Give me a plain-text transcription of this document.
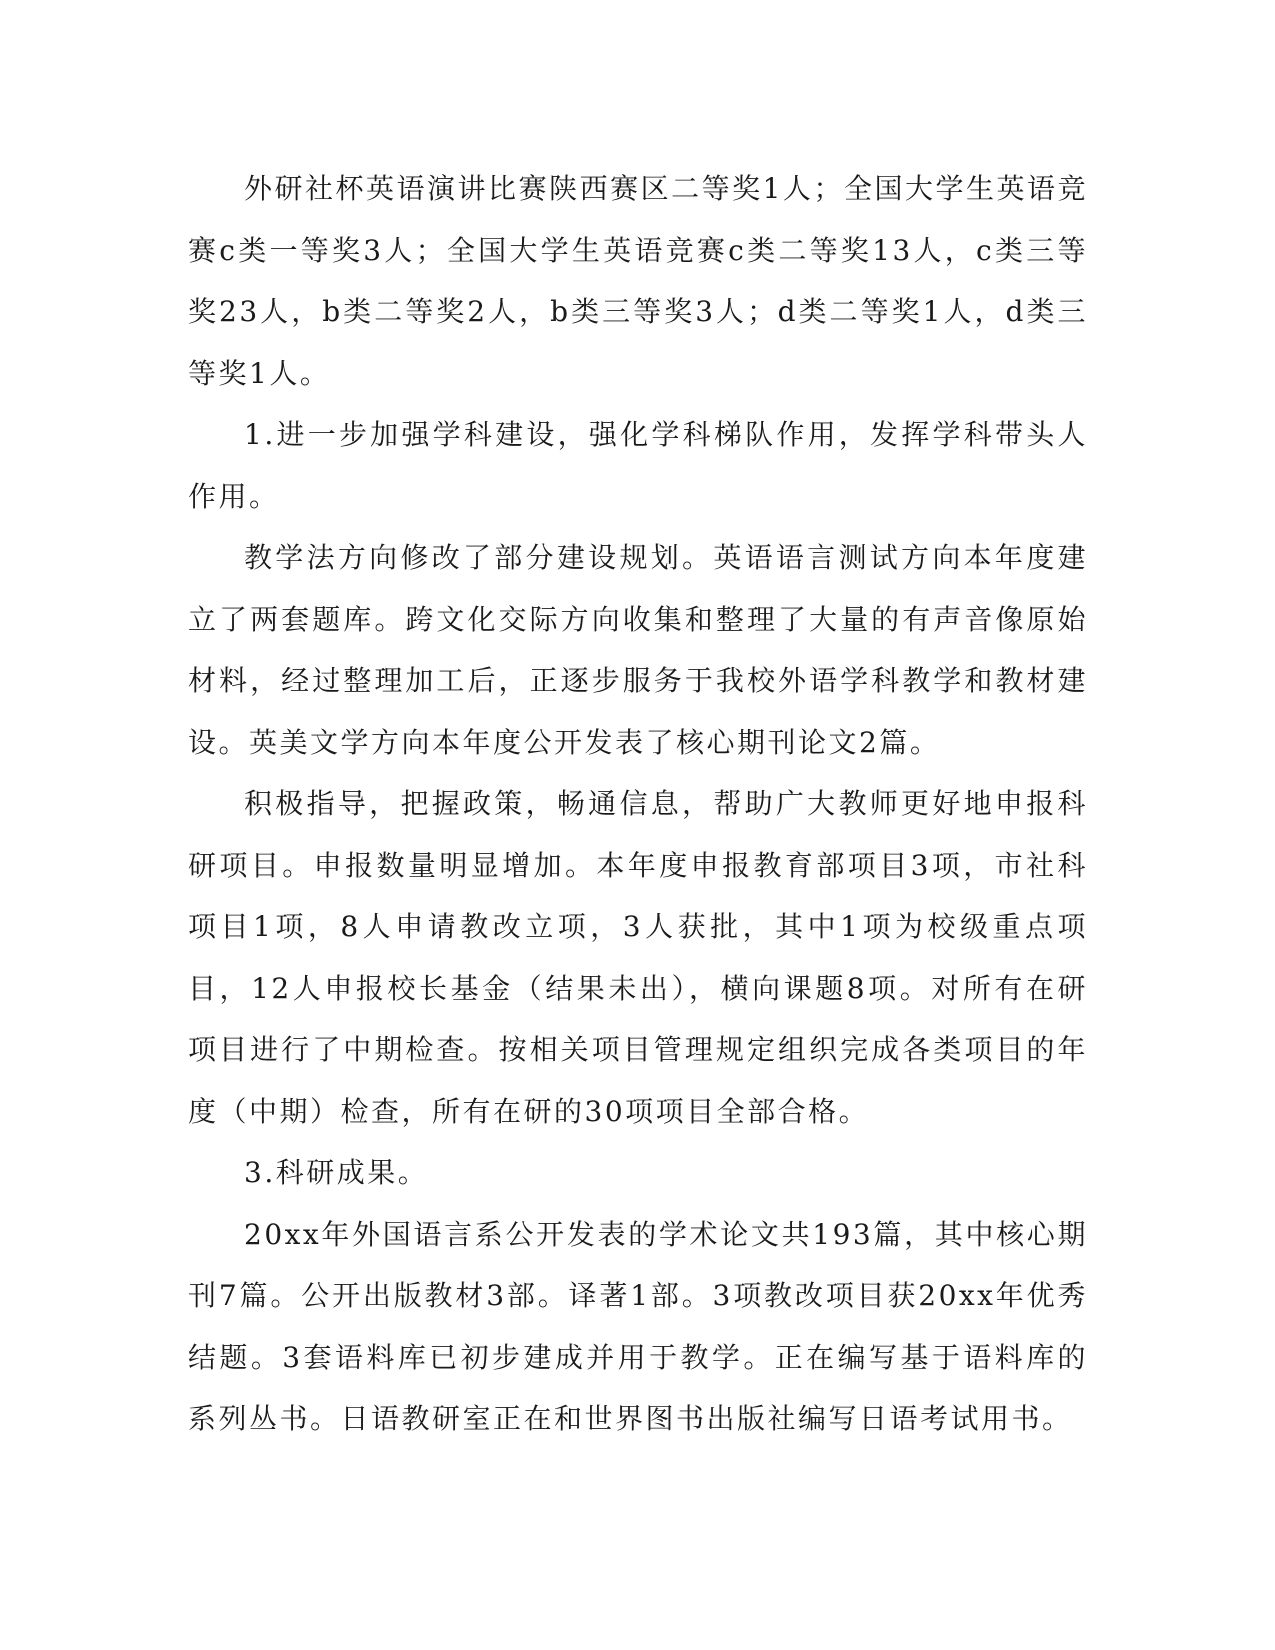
外研社杯英语演讲比赛陕西赛区二等奖1人；全国大学生英语竞赛c类一等奖3人；全国大学生英语竞赛c类二等奖13人，c类三等奖23人，b类二等奖2人，b类三等奖3人；d类二等奖1人，d类三等奖1人。

1.进一步加强学科建设，强化学科梯队作用，发挥学科带头人作用。

教学法方向修改了部分建设规划。英语语言测试方向本年度建立了两套题库。跨文化交际方向收集和整理了大量的有声音像原始材料，经过整理加工后，正逐步服务于我校外语学科教学和教材建设。英美文学方向本年度公开发表了核心期刊论文2篇。

积极指导，把握政策，畅通信息，帮助广大教师更好地申报科研项目。申报数量明显增加。本年度申报教育部项目3项，市社科项目1项，8人申请教改立项，3人获批，其中1项为校级重点项目，12人申报校长基金（结果未出），横向课题8项。对所有在研项目进行了中期检查。按相关项目管理规定组织完成各类项目的年度（中期）检查，所有在研的30项项目全部合格。

3.科研成果。

20xx年外国语言系公开发表的学术论文共193篇，其中核心期刊7篇。公开出版教材3部。译著1部。3项教改项目获20xx年优秀结题。3套语料库已初步建成并用于教学。正在编写基于语料库的系列丛书。日语教研室正在和世界图书出版社编写日语考试用书。
